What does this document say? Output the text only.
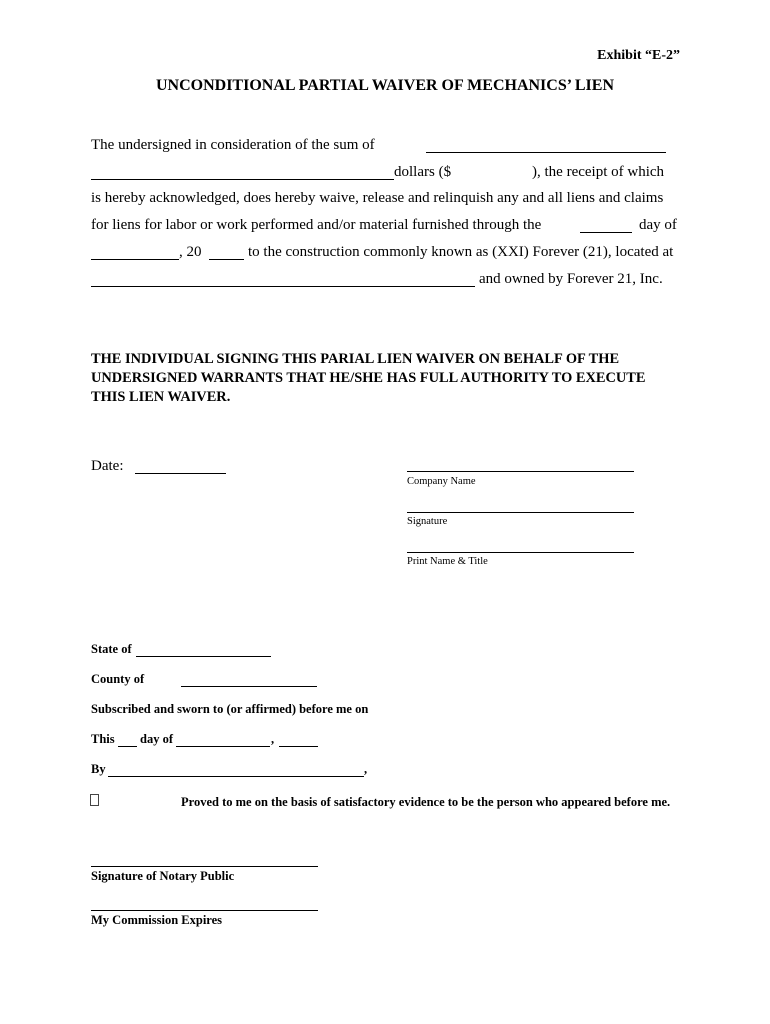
Exhibit “E-2”
UNCONDITIONAL PARTIAL WAIVER OF MECHANICS’ LIEN
The undersigned in consideration of the sum of
dollars ($	), the receipt of which
is hereby acknowledged, does hereby waive, release and relinquish any and all liens and claims
for liens for labor or work performed and/or material furnished through the	day of
, 20	to the construction commonly known as (XXI) Forever (21), located at
and owned by Forever 21, Inc.
THE INDIVIDUAL SIGNING THIS PARIAL LIEN WAIVER ON BEHALF OF THE
UNDERSIGNED WARRANTS THAT HE/SHE HAS FULL AUTHORITY TO EXECUTE
THIS LIEN WAIVER.
Date:
Company Name
Signature
Print Name & Title
State of
County of
Subscribed and sworn to (or affirmed) before me on
This day of	,
By	,
Proved to me on the basis of satisfactory evidence to be the person who appeared before me.
Signature of Notary Public
My Commission Expires
